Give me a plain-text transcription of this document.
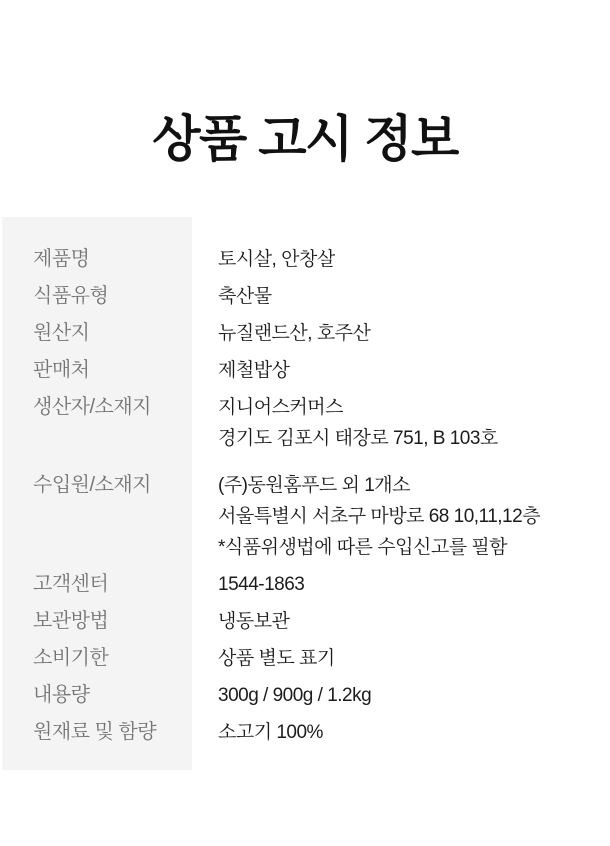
상품 고시 정보
제품명	토시살, 안창살
식품유형	축산물
원산지	뉴질랜드산, 호주산
판매처	제철밥상
생산자/소재지	지니어스커머스
경기도 김포시 태장로 751, B 103호
수입원/소재지	(주)동원홈푸드 외 1개소
서울특별시 서초구 마방로 68 10,11,12층
*식품위생법에 따른 수입신고를 필함
고객센터	1544-1863
보관방법	냉동보관
소비기한	상품 별도 표기
내용량	300g / 900g / 1.2kg
원재료 및 함량	소고기 100%
